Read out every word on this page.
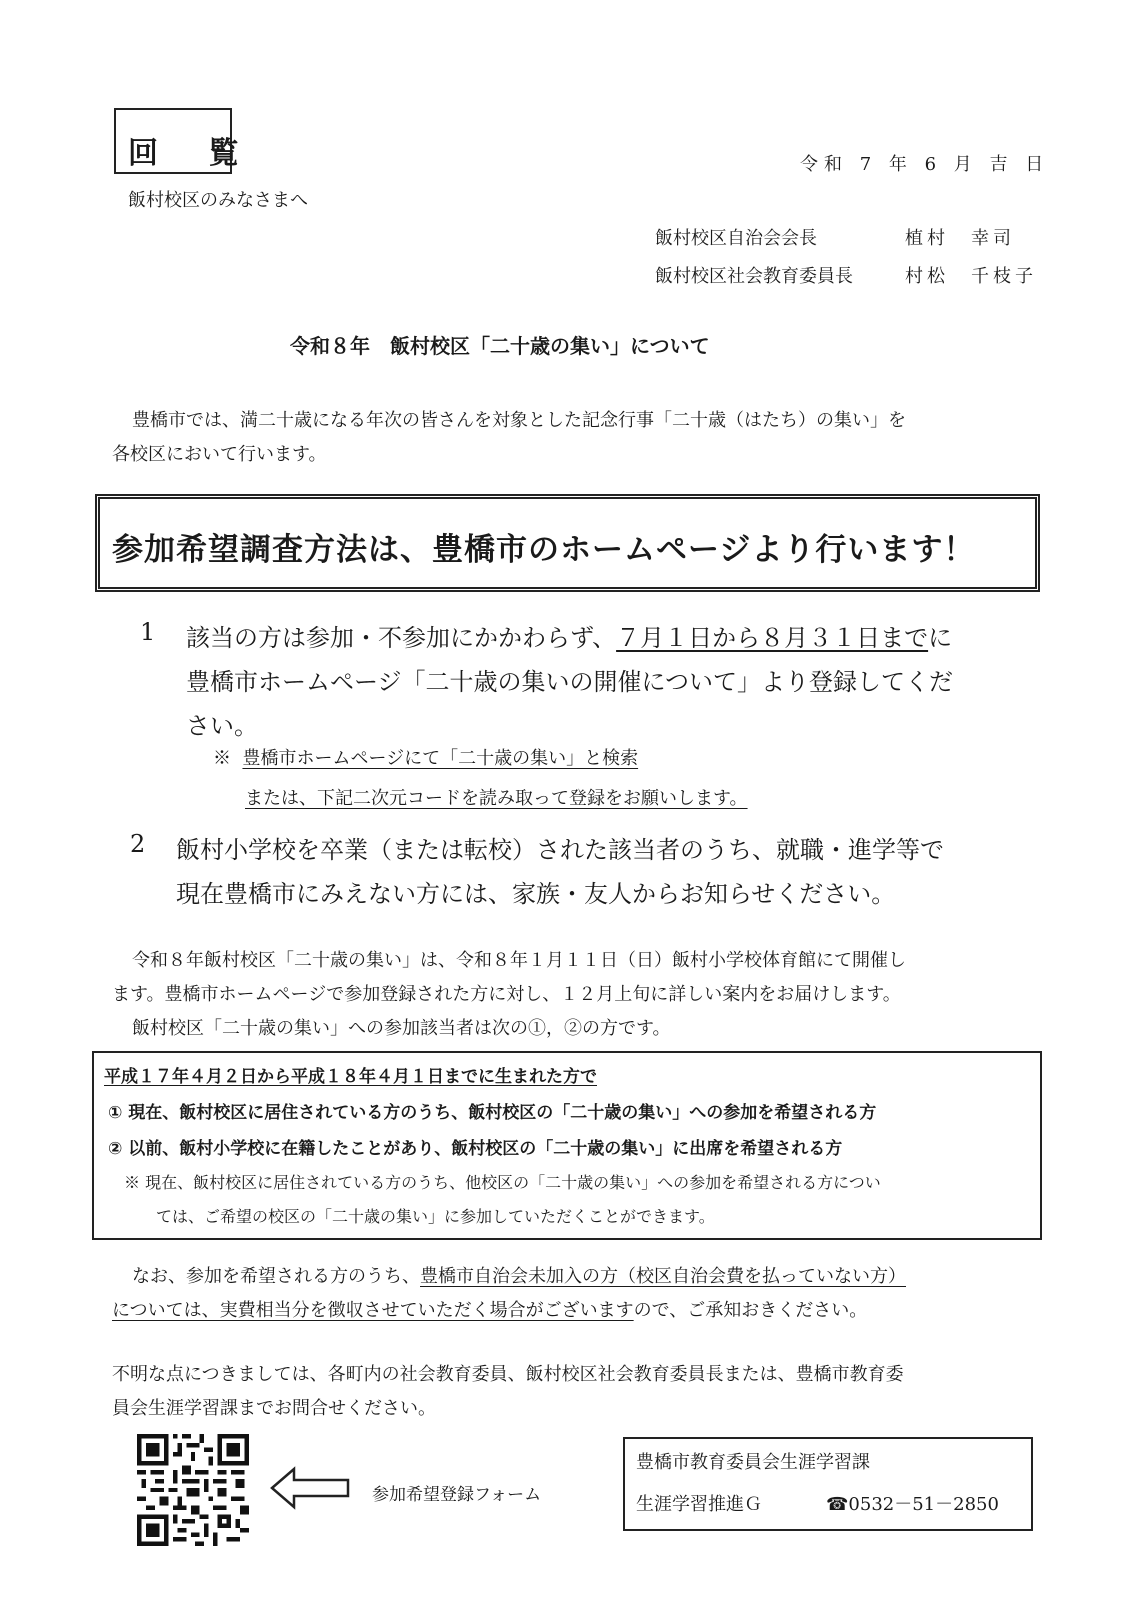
回 覧
飯村校区のみなさまへ
令和 7 年 6 月 吉 日
飯村校区自治会会長	植村　幸司
飯村校区社会教育委員長	村松　千枝子
令和８年　飯村校区「二十歳の集い」について
豊橋市では、満二十歳になる年次の皆さんを対象とした記念行事「二十歳（はたち）の集い」を
各校区において行います。
参加希望調査方法は、豊橋市のホームページより行います！
1 該当の方は参加・不参加にかかわらず、７月１日から８月３１日までに
豊橋市ホームページ「二十歳の集いの開催について」より登録してくだ
さい。
※ 豊橋市ホームページにて「二十歳の集い」と検索
または、下記二次元コードを読み取って登録をお願いします。
2 飯村小学校を卒業（または転校）された該当者のうち、就職・進学等で
現在豊橋市にみえない方には、家族・友人からお知らせください。
令和８年飯村校区「二十歳の集い」は、令和８年１月１１日（日）飯村小学校体育館にて開催し
ます。豊橋市ホームページで参加登録された方に対し、１２月上旬に詳しい案内をお届けします。
飯村校区「二十歳の集い」への参加該当者は次の①，②の方です。
平成１７年４月２日から平成１８年４月１日までに生まれた方で
① 現在、飯村校区に居住されている方のうち、飯村校区の「二十歳の集い」への参加を希望される方
② 以前、飯村小学校に在籍したことがあり、飯村校区の「二十歳の集い」に出席を希望される方
※ 現在、飯村校区に居住されている方のうち、他校区の「二十歳の集い」への参加を希望される方につい
ては、ご希望の校区の「二十歳の集い」に参加していただくことができます。
なお、参加を希望される方のうち、豊橋市自治会未加入の方（校区自治会費を払っていない方）
については、実費相当分を徴収させていただく場合がございますので、ご承知おきください。
不明な点につきましては、各町内の社会教育委員、飯村校区社会教育委員長または、豊橋市教育委
員会生涯学習課までお問合せください。
参加希望登録フォーム
豊橋市教育委員会生涯学習課
生涯学習推進Ｇ	☎0532－51－2850
